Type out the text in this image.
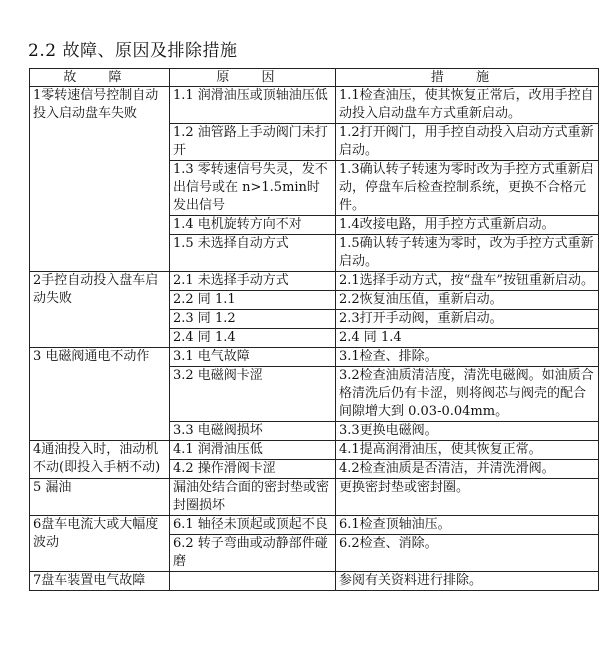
2.2 故障、原因及排除措施
故 障	原 因	措 施
1零转速信号控制自动投入启动盘车失败	1.1 润滑油压或顶轴油压低	1.1检查油压，使其恢复正常后，改用手控自动投入启动盘车方式重新启动。
	1.2 油管路上手动阀门未打开	1.2打开阀门，用手控自动投入启动方式重新启动。
	1.3 零转速信号失灵，发不出信号或在 n>1.5min时发出信号	1.3确认转子转速为零时改为手控方式重新启动，停盘车后检查控制系统，更换不合格元件。
	1.4 电机旋转方向不对	1.4改接电路，用手控方式重新启动。
	1.5 未选择自动方式	1.5确认转子转速为零时，改为手控方式重新启动。
2手控自动投入盘车启动失败	2.1 未选择手动方式	2.1选择手动方式，按“盘车”按钮重新启动。
	2.2 同 1.1	2.2恢复油压值，重新启动。
	2.3 同 1.2	2.3打开手动阀，重新启动。
	2.4 同 1.4	2.4 同 1.4
3 电磁阀通电不动作	3.1 电气故障	3.1检查、排除。
	3.2 电磁阀卡涩	3.2检查油质清洁度，清洗电磁阀。如油质合格清洗后仍有卡涩，则将阀芯与阀壳的配合间隙增大到 0.03-0.04mm。
	3.3 电磁阀损坏	3.3更换电磁阀。
4通油投入时，油动机不动(即投入手柄不动)	4.1 润滑油压低	4.1提高润滑油压，使其恢复正常。
	4.2 操作滑阀卡涩	4.2检查油质是否清洁，并清洗滑阀。
5 漏油	漏油处结合面的密封垫或密封圈损坏	更换密封垫或密封圈。
6盘车电流大或大幅度波动	6.1 轴径未顶起或顶起不良	6.1检查顶轴油压。
	6.2 转子弯曲或动静部件碰磨	6.2检查、消除。
7盘车装置电气故障		参阅有关资料进行排除。
